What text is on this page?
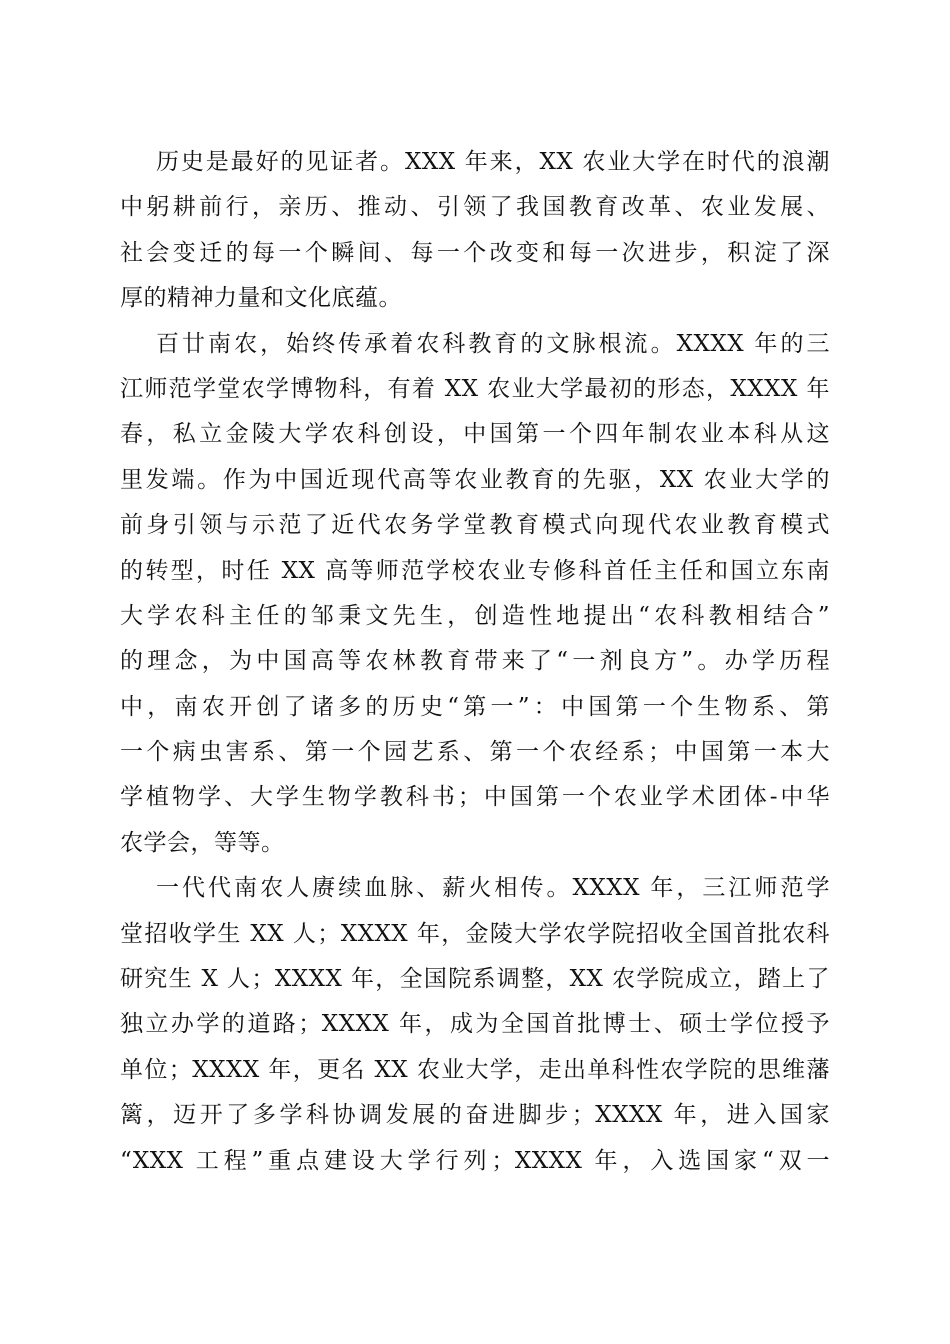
历史是最好的见证者。XXX 年来，XX 农业大学在时代的浪潮
中躬耕前行，亲历、推动、引领了我国教育改革、农业发展、
社会变迁的每一个瞬间、每一个改变和每一次进步，积淀了深
厚的精神力量和文化底蕴。
百廿南农，始终传承着农科教育的文脉根流。XXXX 年的三
江师范学堂农学博物科，有着 XX 农业大学最初的形态，XXXX 年
春，私立金陵大学农科创设，中国第一个四年制农业本科从这
里发端。作为中国近现代高等农业教育的先驱，XX 农业大学的
前身引领与示范了近代农务学堂教育模式向现代农业教育模式
的转型，时任 XX 高等师范学校农业专修科首任主任和国立东南
大学农科主任的邹秉文先生，创造性地提出“农科教相结合”
的理念，为中国高等农林教育带来了“一剂良方”。办学历程
中，南农开创了诸多的历史“第一”：中国第一个生物系、第
一个病虫害系、第一个园艺系、第一个农经系；中国第一本大
学植物学、大学生物学教科书；中国第一个农业学术团体-中华
农学会，等等。
一代代南农人赓续血脉、薪火相传。XXXX 年，三江师范学
堂招收学生 XX 人；XXXX 年，金陵大学农学院招收全国首批农科
研究生 X 人；XXXX 年，全国院系调整，XX 农学院成立，踏上了
独立办学的道路；XXXX 年，成为全国首批博士、硕士学位授予
单位；XXXX 年，更名 XX 农业大学，走出单科性农学院的思维藩
篱，迈开了多学科协调发展的奋进脚步；XXXX 年，进入国家
“XXX 工程”重点建设大学行列；XXXX 年，入选国家“双一
